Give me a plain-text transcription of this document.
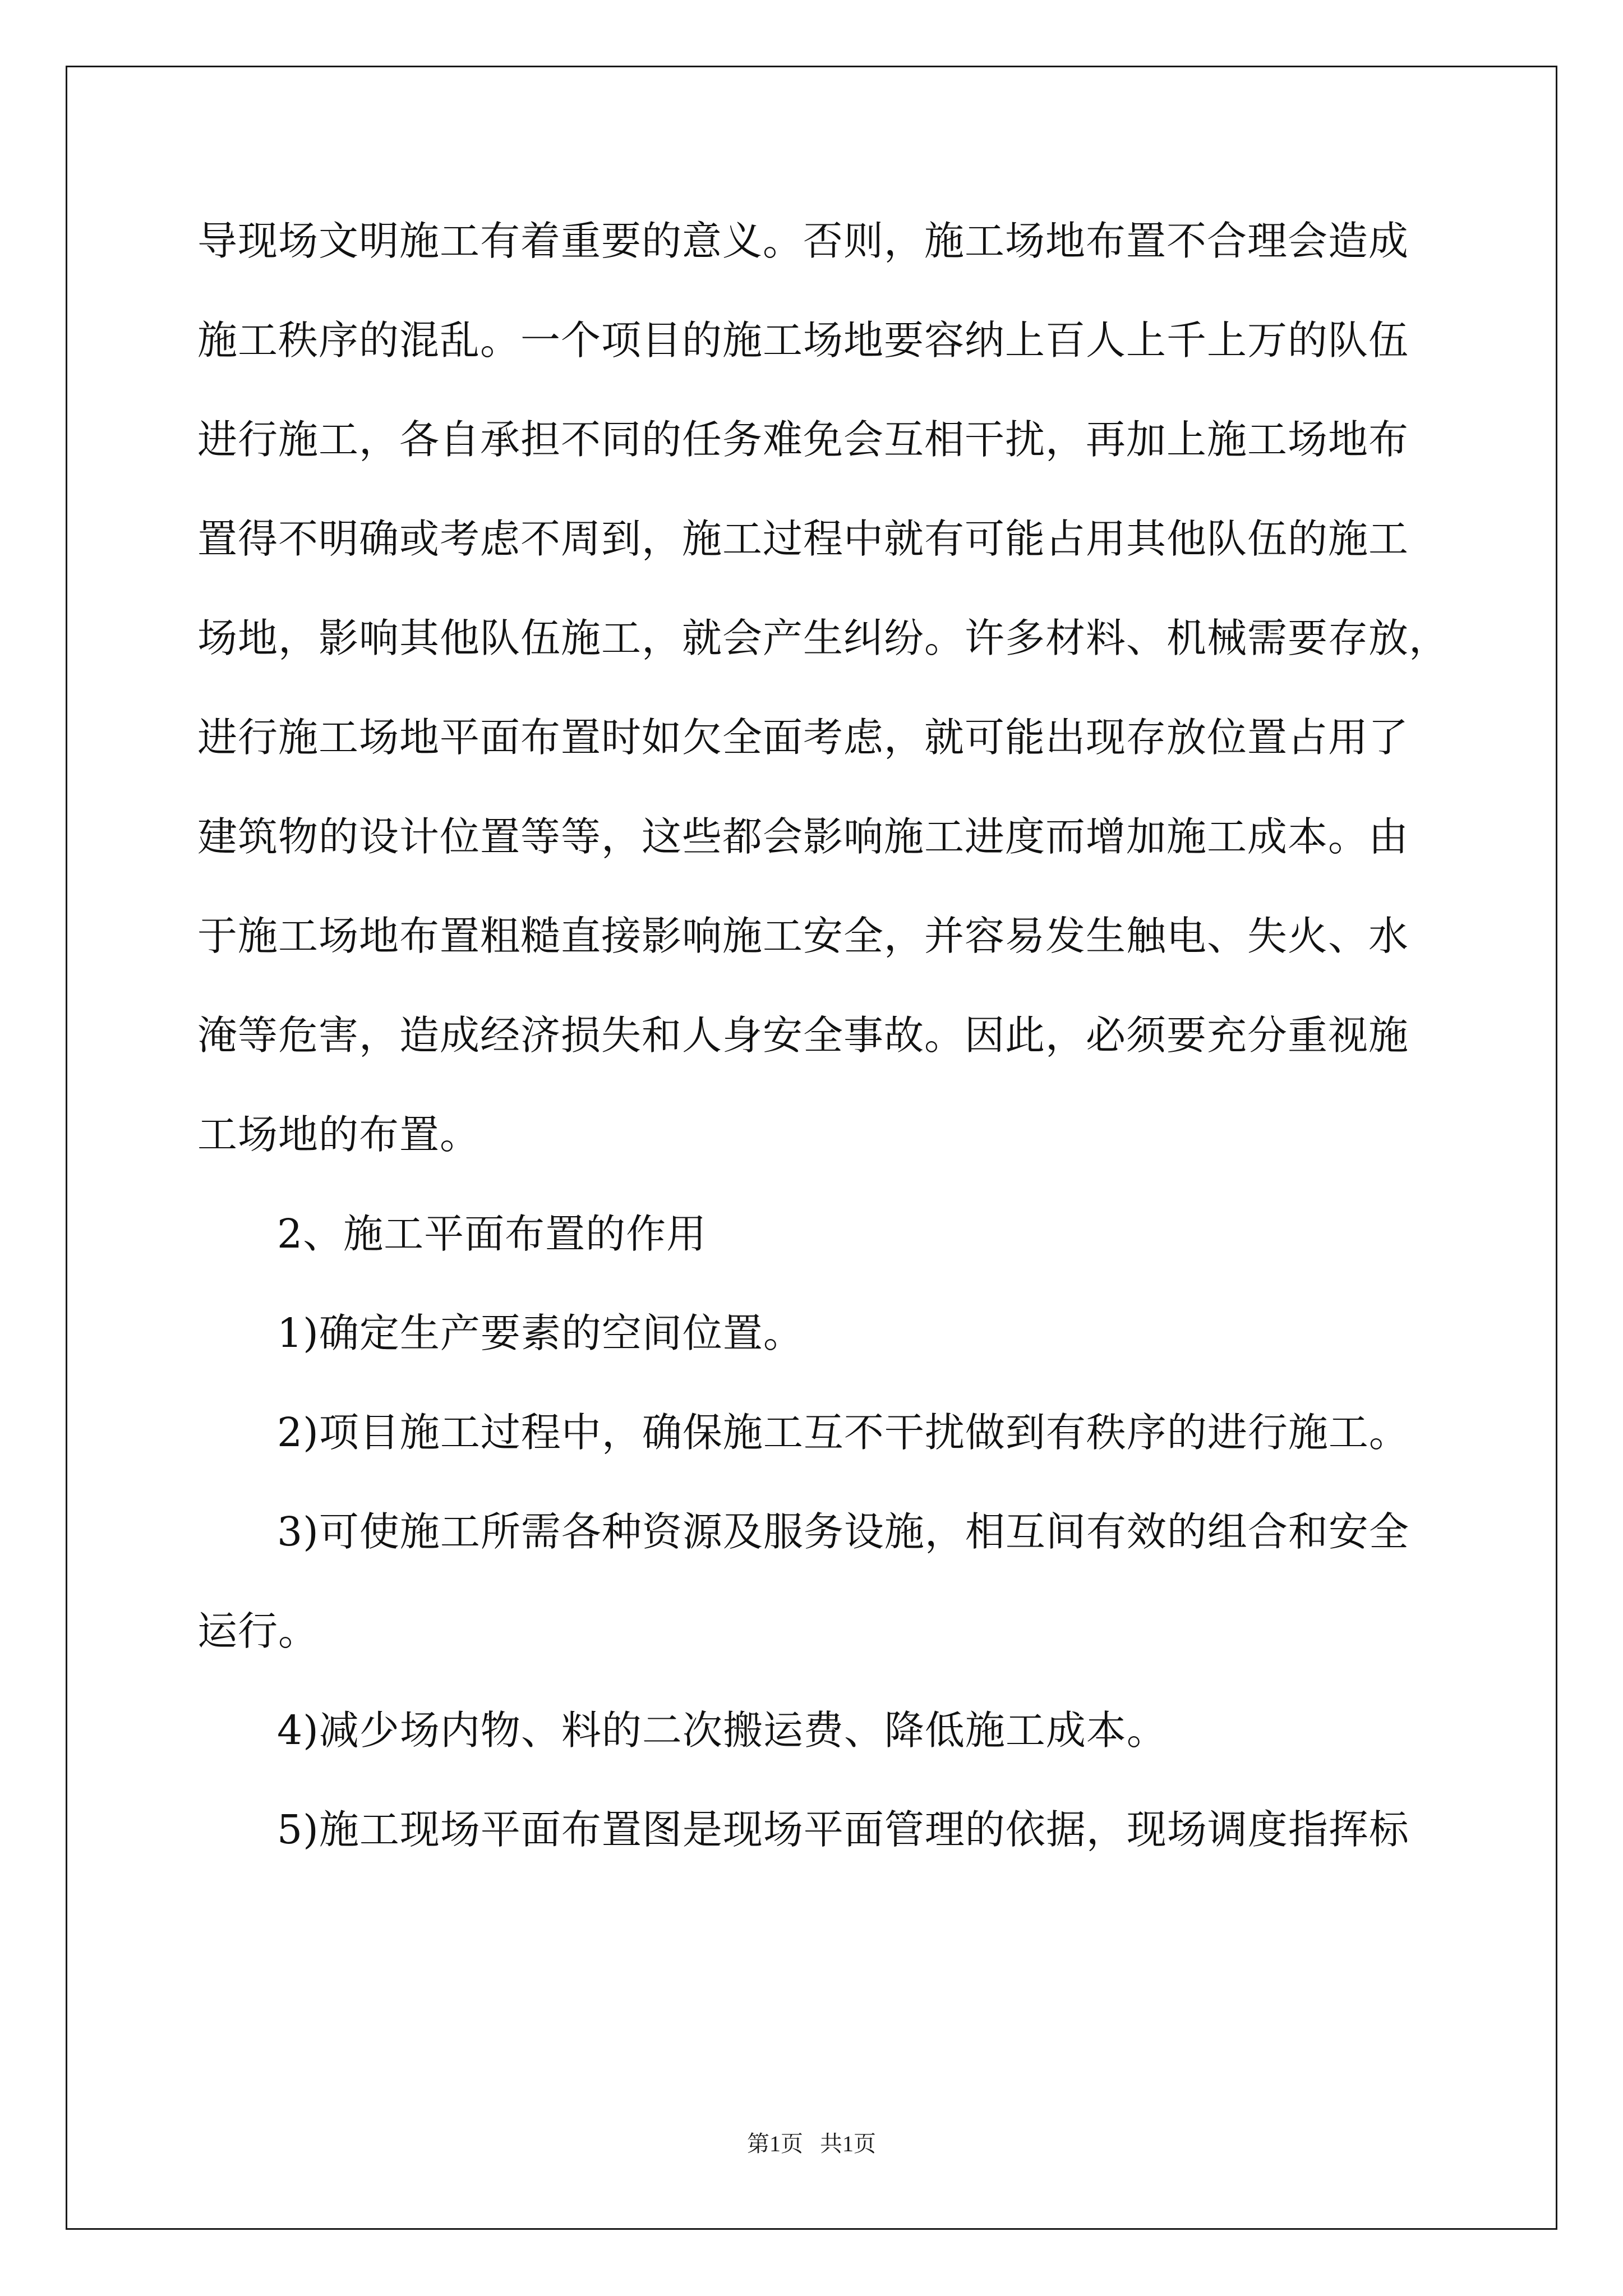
导现场文明施工有着重要的意义。否则，施工场地布置不合理会造成
施工秩序的混乱。一个项目的施工场地要容纳上百人上千上万的队伍
进行施工，各自承担不同的任务难免会互相干扰，再加上施工场地布
置得不明确或考虑不周到，施工过程中就有可能占用其他队伍的施工
场地，影响其他队伍施工，就会产生纠纷。许多材料、机械需要存放，
进行施工场地平面布置时如欠全面考虑，就可能出现存放位置占用了
建筑物的设计位置等等，这些都会影响施工进度而增加施工成本。由
于施工场地布置粗糙直接影响施工安全，并容易发生触电、失火、水
淹等危害，造成经济损失和人身安全事故。因此，必须要充分重视施
工场地的布置。
2、施工平面布置的作用
1)确定生产要素的空间位置。
2)项目施工过程中，确保施工互不干扰做到有秩序的进行施工。
3)可使施工所需各种资源及服务设施，相互间有效的组合和安全
运行。
4)减少场内物、料的二次搬运费、降低施工成本。
5)施工现场平面布置图是现场平面管理的依据，现场调度指挥标
第1页   共1页
